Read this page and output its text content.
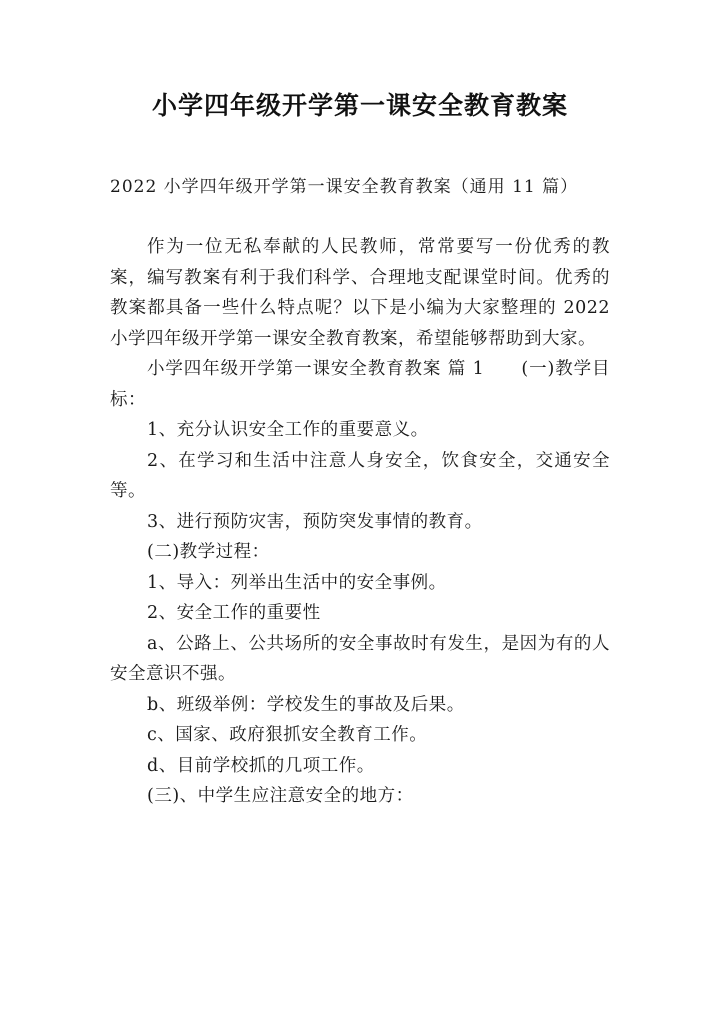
小学四年级开学第一课安全教育教案
2022 小学四年级开学第一课安全教育教案（通用 11 篇）

作为一位无私奉献的人民教师，常常要写一份优秀的教案，编写教案有利于我们科学、合理地支配课堂时间。优秀的教案都具备一些什么特点呢？以下是小编为大家整理的 2022 小学四年级开学第一课安全教育教案，希望能够帮助到大家。

小学四年级开学第一课安全教育教案 篇 1　　(一)教学目标：

1、充分认识安全工作的重要意义。

2、在学习和生活中注意人身安全，饮食安全，交通安全等。

3、进行预防灾害，预防突发事情的教育。

(二)教学过程：

1、导入：列举出生活中的安全事例。

2、安全工作的重要性

a、公路上、公共场所的安全事故时有发生，是因为有的人安全意识不强。

b、班级举例：学校发生的事故及后果。

c、国家、政府狠抓安全教育工作。

d、目前学校抓的几项工作。

(三)、中学生应注意安全的地方：
